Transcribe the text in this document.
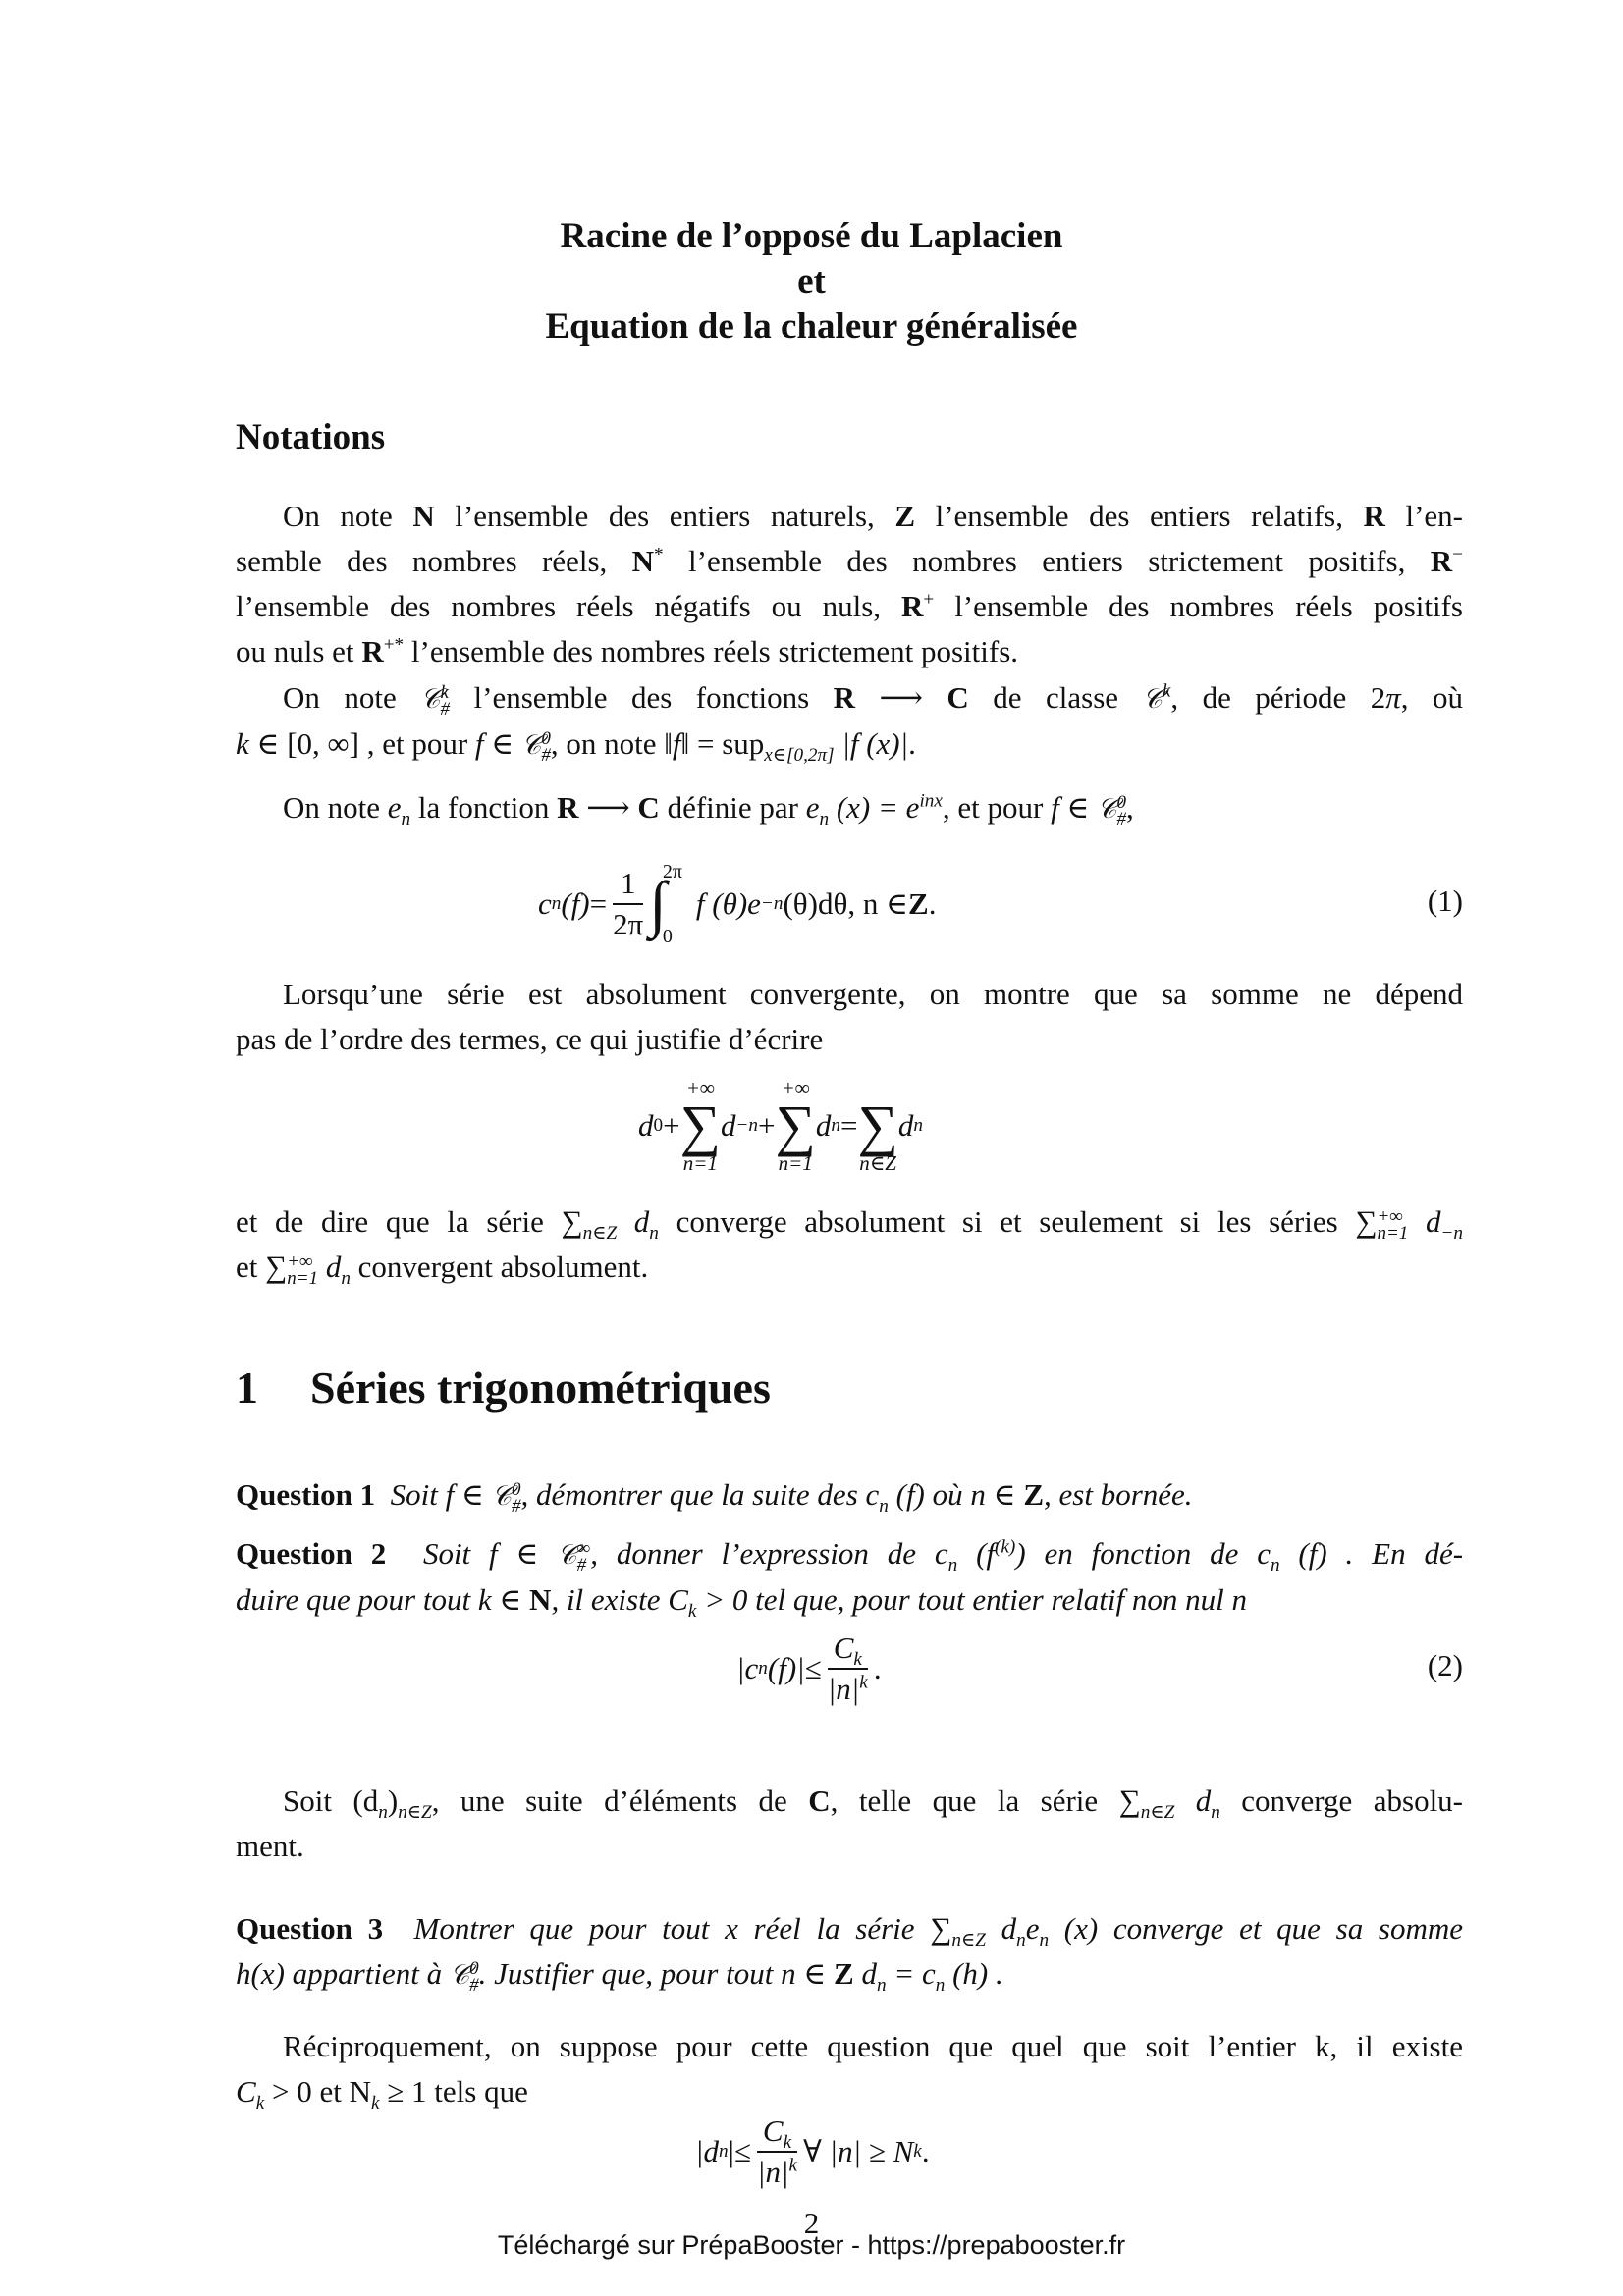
Racine de l’opposé du Laplacien
et
Equation de la chaleur généralisée
Notations
On note N l’ensemble des entiers naturels, Z l’ensemble des entiers relatifs, R l’en-
semble des nombres réels, N* l’ensemble des nombres entiers strictement positifs, R−
l’ensemble des nombres réels négatifs ou nuls, R+ l’ensemble des nombres réels positifs
ou nuls et R+* l’ensemble des nombres réels strictement positifs.
On note 𝒞 k
# l’ensemble des fonctions R ⟶ C de classe 𝒞$^k$, de période 2π, où
k ∈ [0, ∞] , et pour f ∈ 𝒞 0
# , on note ‖f‖ = sup$_{x\in[0,2\pi]}$ |f (x)|.
On note $e_n$ la fonction R ⟶ C définie par $e_n$ $(x) = e^{inx}$, et pour f ∈ 𝒞 0
# ,
c n $(f) = \frac{1}{2\pi}$ ∫
2π
0
f (θ)e −n (θ)dθ, n ∈ Z .	(1)
Lorsqu’une série est absolument convergente, on montre que sa somme ne dépend
pas de l’ordre des termes, ce qui justifie d’écrire
d 0 +
+∞
∑
n=1
d −n +
+∞
∑
n=1
d n =
∑
n∈Z
d n
et de dire que la série $\sum_{n\in Z}$ $d_n$ converge absolument si et seulement si les séries ∑ +∞
n=1 $d_{-n}$
et ∑ +∞
n=1 $d_n$ convergent absolument.
1 Séries trigonométriques
Question 1 Soit f ∈ 𝒞 0
# , démontrer que la suite des $c_n$ (f) où n ∈ Z, est bornée.
Question 2 Soit f ∈ 𝒞 ∞
# , donner l’expression de $c_n$ $(f^{(k)})$ en fonction de $c_n$ (f) . En dé-
duire que pour tout k ∈ N, il existe $C_k > 0$ tel que, pour tout entier relatif non nul n
|c n $(f)| \le \frac{C_k}{|n|^k}$ .	(2)
Soit $(d_n)_{n\in Z}$, une suite d’éléments de C, telle que la série $\sum_{n\in Z}$ $d_n$ converge absolu-
ment.
Question 3 Montrer que pour tout x réel la série $\sum_{n\in Z}$ $d_ne_n$ (x) converge et que sa somme
h(x) appartient à 𝒞 0
# . Justifier que, pour tout n ∈ Z $d_n = c_n$ (h) .
Réciproquement, on suppose pour cette question que quel que soit l’entier k, il existe
$C_k > 0$ et $N_k \ge 1$ tels que
|d n | ≤ $\frac{C_k}{|n|^k}$ ∀ |n| ≥ N k .
2
Téléchargé sur PrépaBooster - https://prepabooster.fr
